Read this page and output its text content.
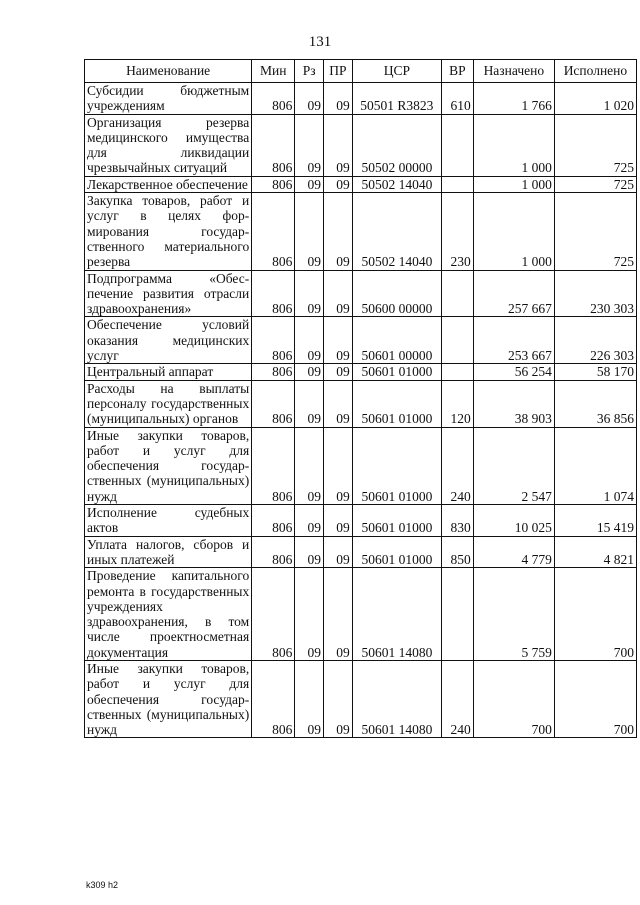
131
Наименование	Мин	Рз	ПР	ЦСР	ВР	Назначено	Исполнено
Субсидии бюджетным учреждениям	806	09	09	50501 R3823	610	1 766	1 020
Организация резерва медицинского имущества для ликвидации чрезвычайных ситуаций	806	09	09	50502 00000		1 000	725
Лекарственное обеспечение	806	09	09	50502 14040		1 000	725
Закупка товаров, работ и услуг в целях формирования государственного материального резерва	806	09	09	50502 14040	230	1 000	725
Подпрограмма «Обеспечение развития отрасли здравоохранения»	806	09	09	50600 00000		257 667	230 303
Обеспечение условий оказания медицинских услуг	806	09	09	50601 00000		253 667	226 303
Центральный аппарат	806	09	09	50601 01000		56 254	58 170
Расходы на выплаты персоналу государственных (муниципальных) органов	806	09	09	50601 01000	120	38 903	36 856
Иные закупки товаров, работ и услуг для обеспечения государственных (муниципальных) нужд	806	09	09	50601 01000	240	2 547	1 074
Исполнение судебных актов	806	09	09	50601 01000	830	10 025	15 419
Уплата налогов, сборов и иных платежей	806	09	09	50601 01000	850	4 779	4 821
Проведение капитального ремонта в государственных учреждениях здравоохранения, в том числе проектносметная документация	806	09	09	50601 14080		5 759	700
Иные закупки товаров, работ и услуг для обеспечения государственных (муниципальных) нужд	806	09	09	50601 14080	240	700	700
k309 h2
